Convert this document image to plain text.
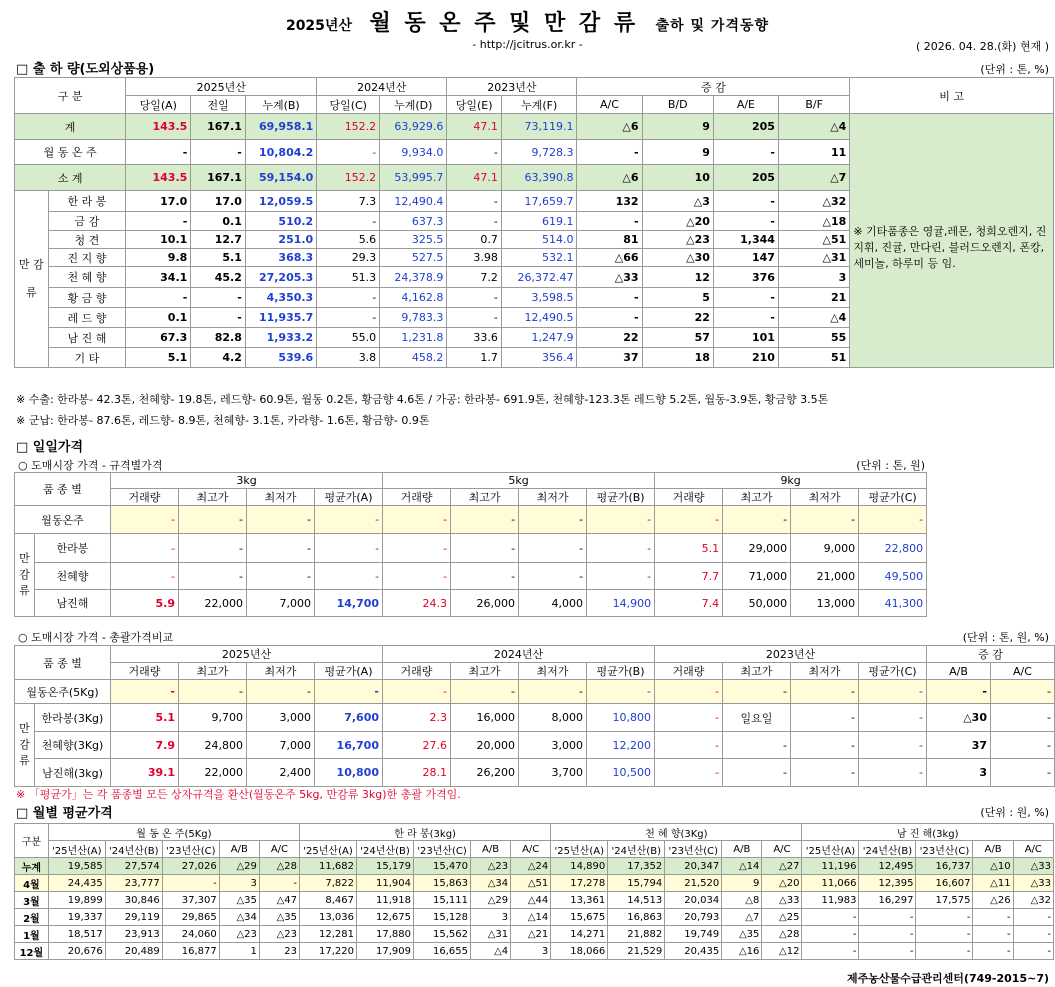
2025년산 월 동 온 주 및 만 감 류 출하 및 가격동향
- http://jcitrus.or.kr -	( 2026. 04. 28.(화) 현재 )
□ 출 하 량(도외상품용)	(단위 : 톤, %)
구 분		2025년산			2024년산		2023년산		증 감				비 고
		당일(A)	전일	누계(B)	당일(C)	누계(D)	당일(E)	누계(F)	A/C	B/D	A/E	B/F	
계		143.5	167.1	69,958.1	152.2	63,929.6	47.1	73,119.1	△6	9	205	△4	※ 기타품종은 영귤,레몬, 청희오렌지, 진지휘, 진귤, 만다린, 블러드오렌지, 폰캉,세미놀, 하루미 등 임.
월 동 온 주		-	-	10,804.2	-	9,934.0	-	9,728.3	-	9	-	11	
소 계		143.5	167.1	59,154.0	152.2	53,995.7	47.1	63,390.8	△6	10	205	△7	
만 감 류	한 라 봉	17.0	17.0	12,059.5	7.3	12,490.4	-	17,659.7	132	△3	-	△32	
	금 감	-	0.1	510.2	-	637.3	-	619.1	-	△20	-	△18	
	청 견	10.1	12.7	251.0	5.6	325.5	0.7	514.0	81	△23	1,344	△51	
	진 지 향	9.8	5.1	368.3	29.3	527.5	3.98	532.1	△66	△30	147	△31	
	천 혜 향	34.1	45.2	27,205.3	51.3	24,378.9	7.2	26,372.47	△33	12	376	3	
	황 금 향	-	-	4,350.3	-	4,162.8	-	3,598.5	-	5	-	21	
	레 드 향	0.1	-	11,935.7	-	9,783.3	-	12,490.5	-	22	-	△4	
	남 진 해	67.3	82.8	1,933.2	55.0	1,231.8	33.6	1,247.9	22	57	101	55	
	기 타	5.1	4.2	539.6	3.8	458.2	1.7	356.4	37	18	210	51	
※ 수출: 한라봉- 42.3톤, 천혜향- 19.8톤, 레드향- 60.9톤, 월동 0.2톤, 황금향 4.6톤 / 가공: 한라봉- 691.9톤, 천혜향-123.3톤 레드향 5.2톤, 월동-3.9톤, 황금향 3.5톤
※ 군납: 한라봉- 87.6톤, 레드향- 8.9톤, 천혜향- 3.1톤, 카라향- 1.6톤, 황금향- 0.9톤
□ 일일가격
○ 도매시장 가격 - 규격별가격	(단위 : 톤, 원)
품 종 별		3kg				5kg				9kg			
		거래량	최고가	최저가	평균가(A)	거래량	최고가	최저가	평균가(B)	거래량	최고가	최저가	평균가(C)
월동온주		-	-	-	-	-	-	-	-	-	-	-	-
만 감 류	한라봉	-	-	-	-	-	-	-	-	5.1	29,000	9,000	22,800
	천혜향	-	-	-	-	-	-	-	-	7.7	71,000	21,000	49,500
	남진해	5.9	22,000	7,000	14,700	24.3	26,000	4,000	14,900	7.4	50,000	13,000	41,300
○ 도매시장 가격 - 총괄가격비교	(단위 : 톤, 원, %)
품 종 별		2025년산				2024년산				2023년산				증 감	
		거래량	최고가	최저가	평균가(A)	거래량	최고가	최저가	평균가(B)	거래량	최고가	최저가	평균가(C)	A/B	A/C
월동온주(5Kg)		-	-	-	-	-	-	-	-	-	-	-	-	-	-
만 감 류	한라봉(3Kg)	5.1	9,700	3,000	7,600	2.3	16,000	8,000	10,800	-	일요일	-	-	△30	-
	천혜향(3Kg)	7.9	24,800	7,000	16,700	27.6	20,000	3,000	12,200	-	-	-	-	37	-
	남진해(3kg)	39.1	22,000	2,400	10,800	28.1	26,200	3,700	10,500	-	-	-	-	3	-
※ 「평균가」는 각 품종별 모든 상자규격을 환산(월동온주 5kg, 만감류 3kg)한 총괄 가격임.
□ 월별 평균가격	(단위 : 원, %)
구분	월 동 온 주(5Kg)					한 라 봉(3kg)					천 혜 향(3Kg)					남 진 해(3kg)				
	'25년산(A)	'24년산(B)	'23년산(C)	A/B	A/C	'25년산(A)	'24년산(B)	'23년산(C)	A/B	A/C	'25년산(A)	'24년산(B)	'23년산(C)	A/B	A/C	'25년산(A)	'24년산(B)	'23년산(C)	A/B	A/C
누계	19,585	27,574	27,026	△29	△28	11,682	15,179	15,470	△23	△24	14,890	17,352	20,347	△14	△27	11,196	12,495	16,737	△10	△33
4월	24,435	23,777	-	3	-	7,822	11,904	15,863	△34	△51	17,278	15,794	21,520	9	△20	11,066	12,395	16,607	△11	△33
3월	19,899	30,846	37,307	△35	△47	8,467	11,918	15,111	△29	△44	13,361	14,513	20,034	△8	△33	11,983	16,297	17,575	△26	△32
2월	19,337	29,119	29,865	△34	△35	13,036	12,675	15,128	3	△14	15,675	16,863	20,793	△7	△25	-	-	-	-	-
1월	18,517	23,913	24,060	△23	△23	12,281	17,880	15,562	△31	△21	14,271	21,882	19,749	△35	△28	-	-	-	-	-
12월	20,676	20,489	16,877	1	23	17,220	17,909	16,655	△4	3	18,066	21,529	20,435	△16	△12	-	-	-	-	-
제주농산물수급관리센터(749-2015~7)
